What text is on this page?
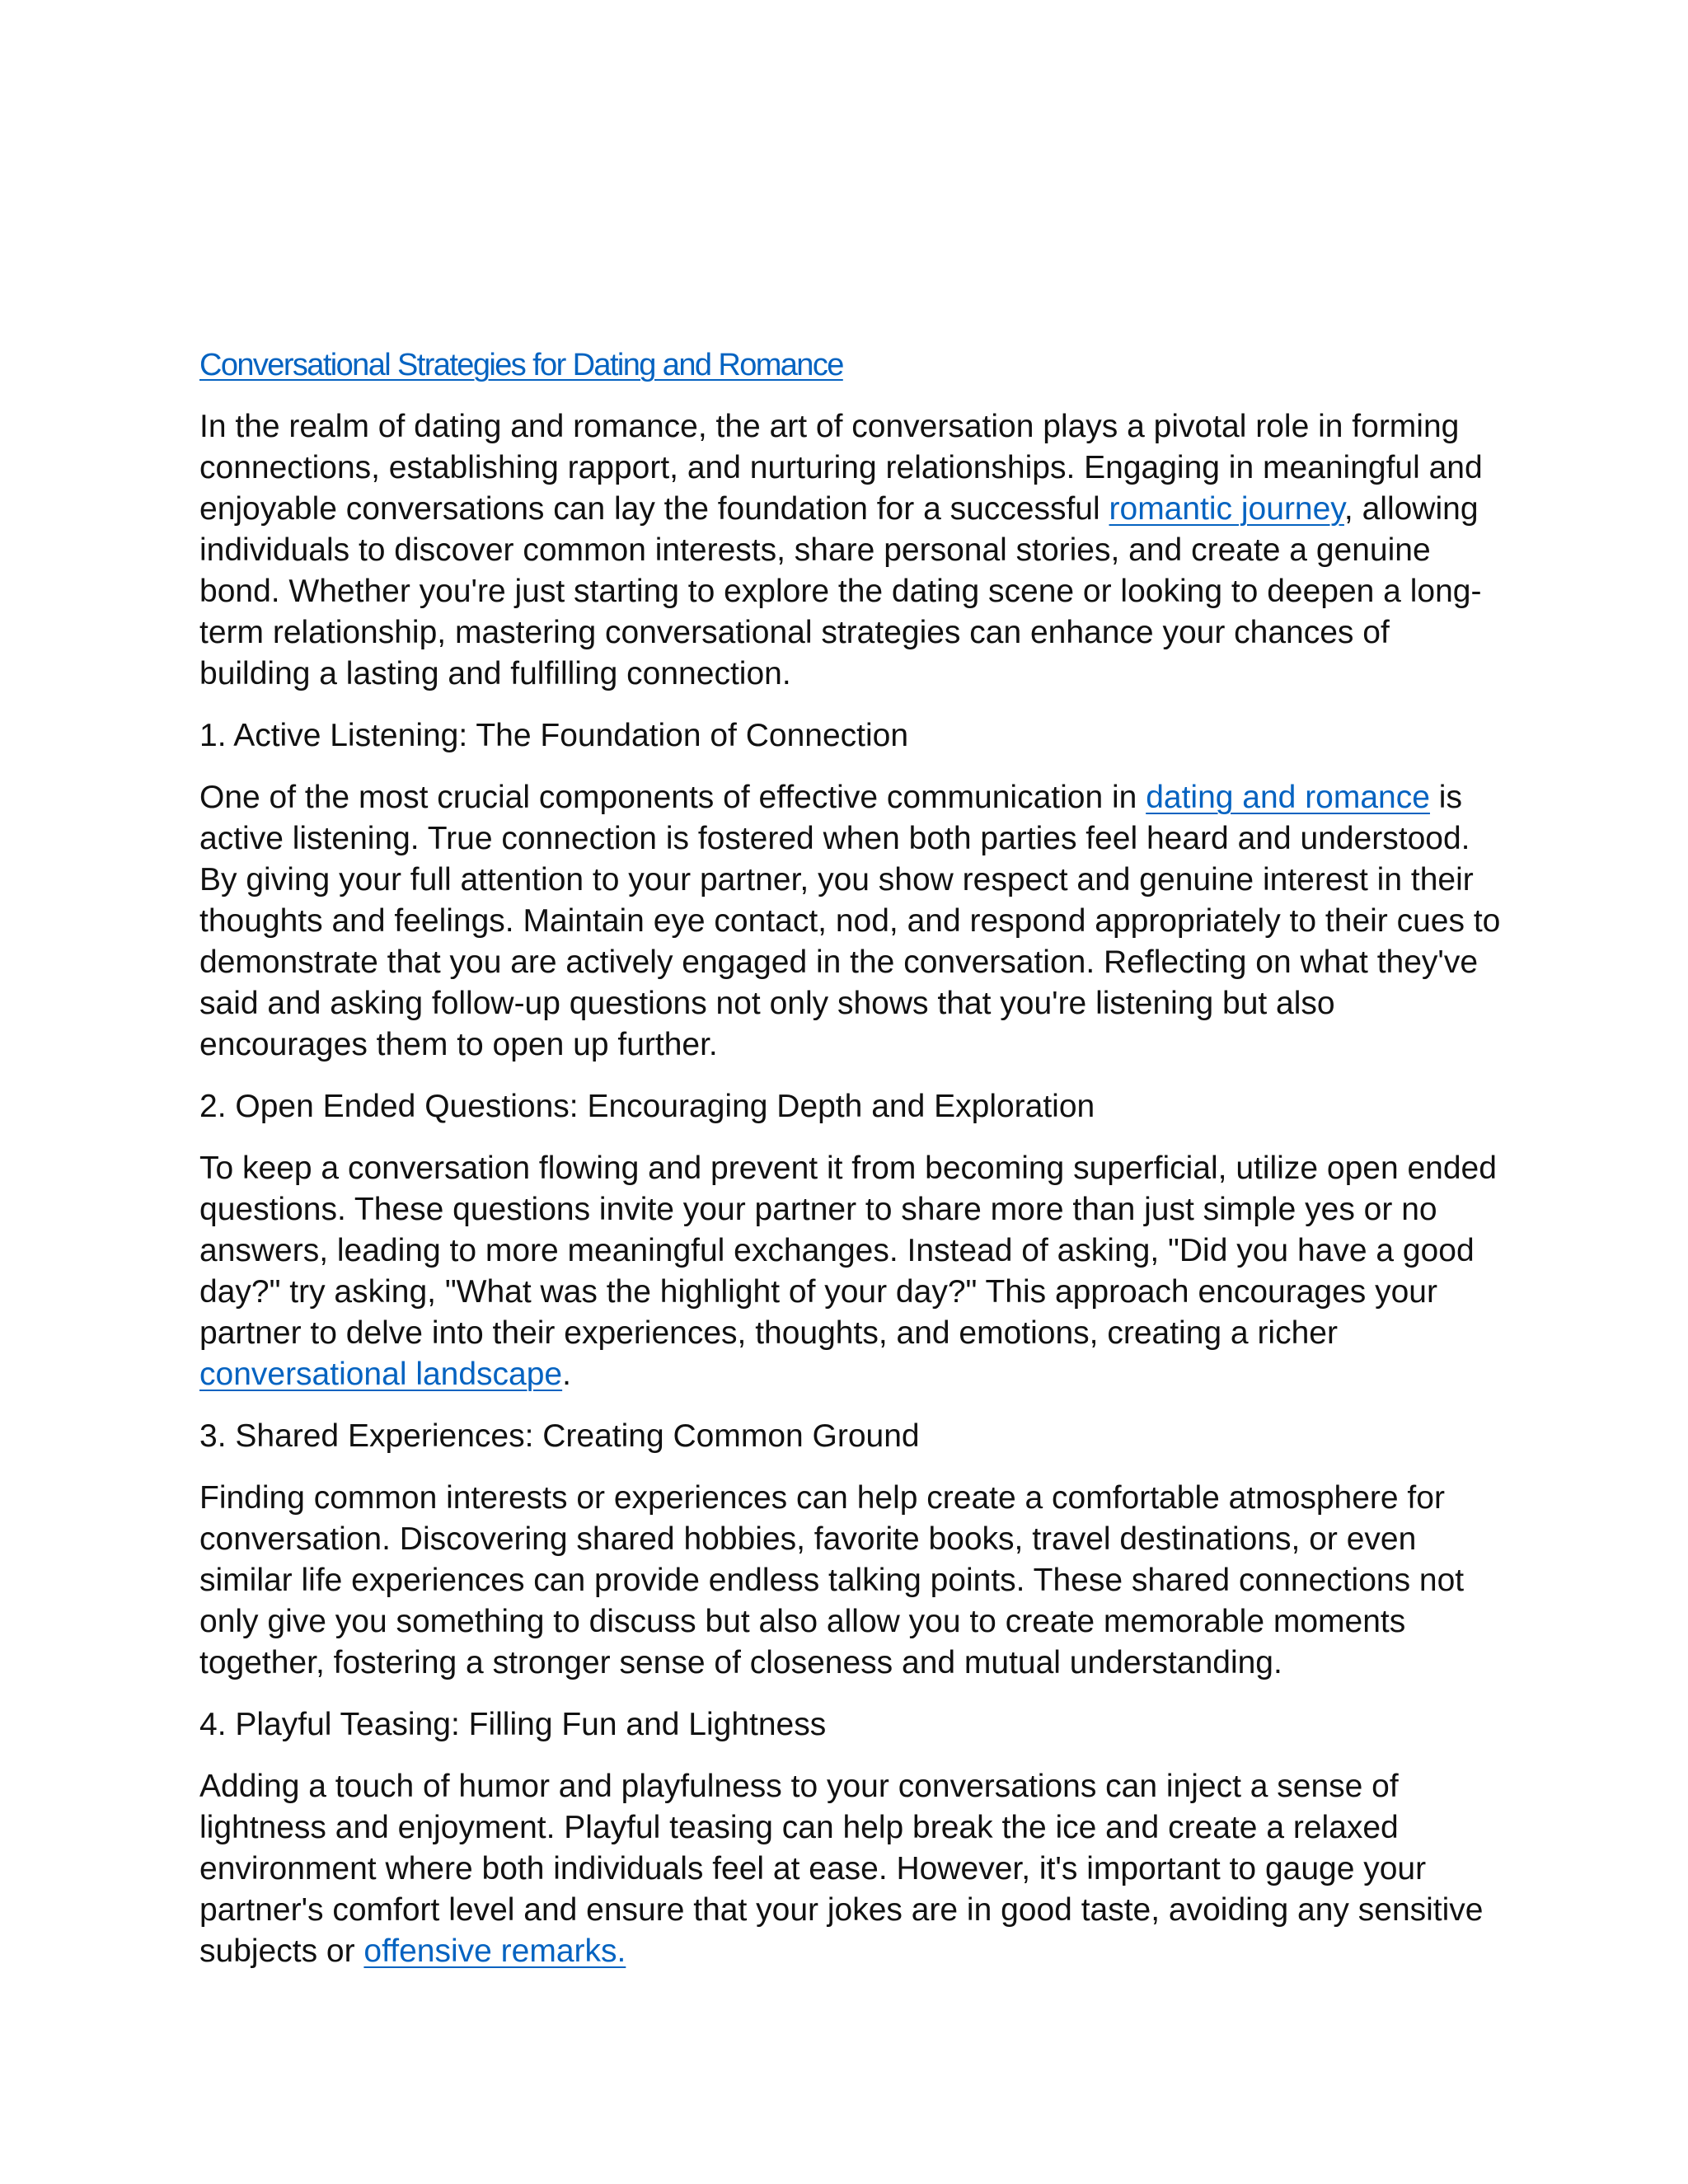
Conversational Strategies for Dating and Romance

In the realm of dating and romance, the art of conversation plays a pivotal role in forming connections, establishing rapport, and nurturing relationships. Engaging in meaningful and enjoyable conversations can lay the foundation for a successful romantic journey, allowing individuals to discover common interests, share personal stories, and create a genuine bond. Whether you're just starting to explore the dating scene or looking to deepen a long-term relationship, mastering conversational strategies can enhance your chances of building a lasting and fulfilling connection.

1. Active Listening: The Foundation of Connection

One of the most crucial components of effective communication in dating and romance is active listening. True connection is fostered when both parties feel heard and understood. By giving your full attention to your partner, you show respect and genuine interest in their thoughts and feelings. Maintain eye contact, nod, and respond appropriately to their cues to demonstrate that you are actively engaged in the conversation. Reflecting on what they've said and asking follow-up questions not only shows that you're listening but also encourages them to open up further.

2. Open Ended Questions: Encouraging Depth and Exploration

To keep a conversation flowing and prevent it from becoming superficial, utilize open ended questions. These questions invite your partner to share more than just simple yes or no answers, leading to more meaningful exchanges. Instead of asking, "Did you have a good day?" try asking, "What was the highlight of your day?" This approach encourages your partner to delve into their experiences, thoughts, and emotions, creating a richer conversational landscape.

3. Shared Experiences: Creating Common Ground

Finding common interests or experiences can help create a comfortable atmosphere for conversation. Discovering shared hobbies, favorite books, travel destinations, or even similar life experiences can provide endless talking points. These shared connections not only give you something to discuss but also allow you to create memorable moments together, fostering a stronger sense of closeness and mutual understanding.

4. Playful Teasing: Filling Fun and Lightness

Adding a touch of humor and playfulness to your conversations can inject a sense of lightness and enjoyment. Playful teasing can help break the ice and create a relaxed environment where both individuals feel at ease. However, it's important to gauge your partner's comfort level and ensure that your jokes are in good taste, avoiding any sensitive subjects or offensive remarks.
